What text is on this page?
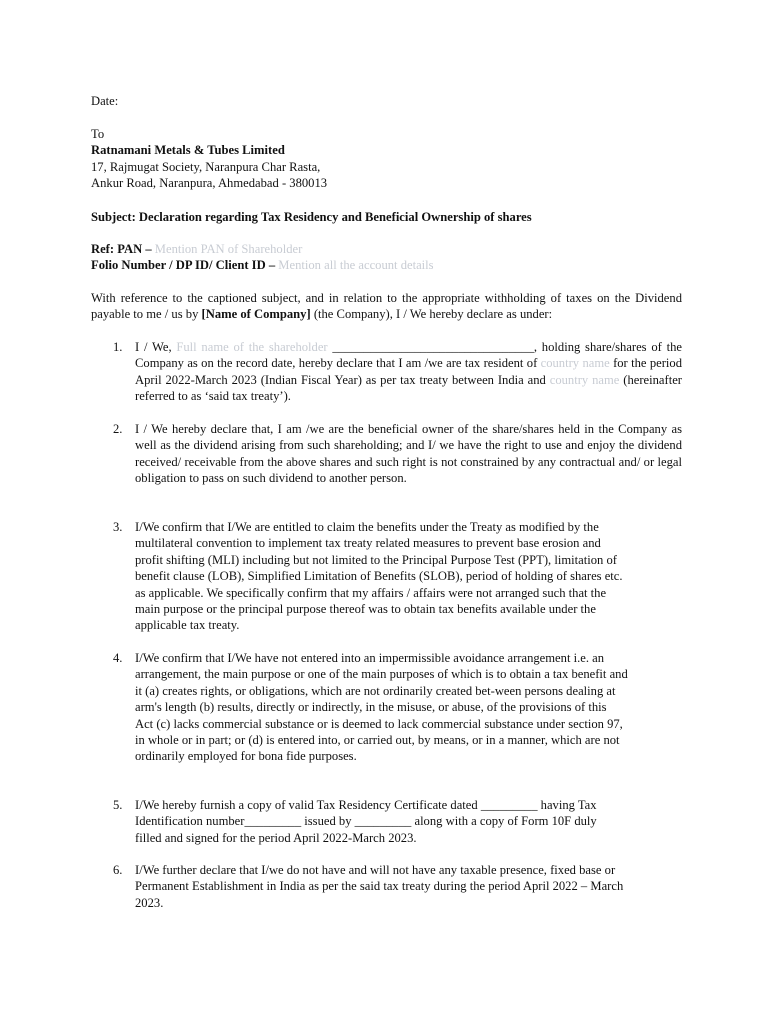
Date:

To

Ratnamani Metals & Tubes Limited

17, Rajmugat Society, Naranpura Char Rasta,

Ankur Road, Naranpura, Ahmedabad - 380013

Subject: Declaration regarding Tax Residency and Beneficial Ownership of shares

Ref: PAN – Mention PAN of Shareholder

Folio Number / DP ID/ Client ID – Mention all the account details

With reference to the captioned subject, and in relation to the appropriate withholding of taxes on the Dividend payable to me / us by [Name of Company] (the Company), I / We hereby declare as under:

1. I / We, Full name of the shareholder ________________________________, holding share/shares of the Company as on the record date, hereby declare that I am /we are tax resident of country name for the period April 2022-March 2023 (Indian Fiscal Year) as per tax treaty between India and country name (hereinafter referred to as ‘said tax treaty’).

2. I / We hereby declare that, I am /we are the beneficial owner of the share/shares held in the Company as well as the dividend arising from such shareholding; and I/ we have the right to use and enjoy the dividend received/ receivable from the above shares and such right is not constrained by any contractual and/ or legal obligation to pass on such dividend to another person.

3. I/We confirm that I/We are entitled to claim the benefits under the Treaty as modified by the

multilateral convention to implement tax treaty related measures to prevent base erosion and

profit shifting (MLI) including but not limited to the Principal Purpose Test (PPT), limitation of

benefit clause (LOB), Simplified Limitation of Benefits (SLOB), period of holding of shares etc.

as applicable. We specifically confirm that my affairs / affairs were not arranged such that the

main purpose or the principal purpose thereof was to obtain tax benefits available under the

applicable tax treaty.

4. I/We confirm that I/We have not entered into an impermissible avoidance arrangement i.e. an

arrangement, the main purpose or one of the main purposes of which is to obtain a tax benefit and

it (a) creates rights, or obligations, which are not ordinarily created bet-ween persons dealing at

arm's length (b) results, directly or indirectly, in the misuse, or abuse, of the provisions of this

Act (c) lacks commercial substance or is deemed to lack commercial substance under section 97,

in whole or in part; or (d) is entered into, or carried out, by means, or in a manner, which are not

ordinarily employed for bona fide purposes.

5. I/We hereby furnish a copy of valid Tax Residency Certificate dated _________ having Tax

Identification number_________ issued by _________ along with a copy of Form 10F duly

filled and signed for the period April 2022-March 2023.

6. I/We further declare that I/we do not have and will not have any taxable presence, fixed base or

Permanent Establishment in India as per the said tax treaty during the period April 2022 – March

2023.
